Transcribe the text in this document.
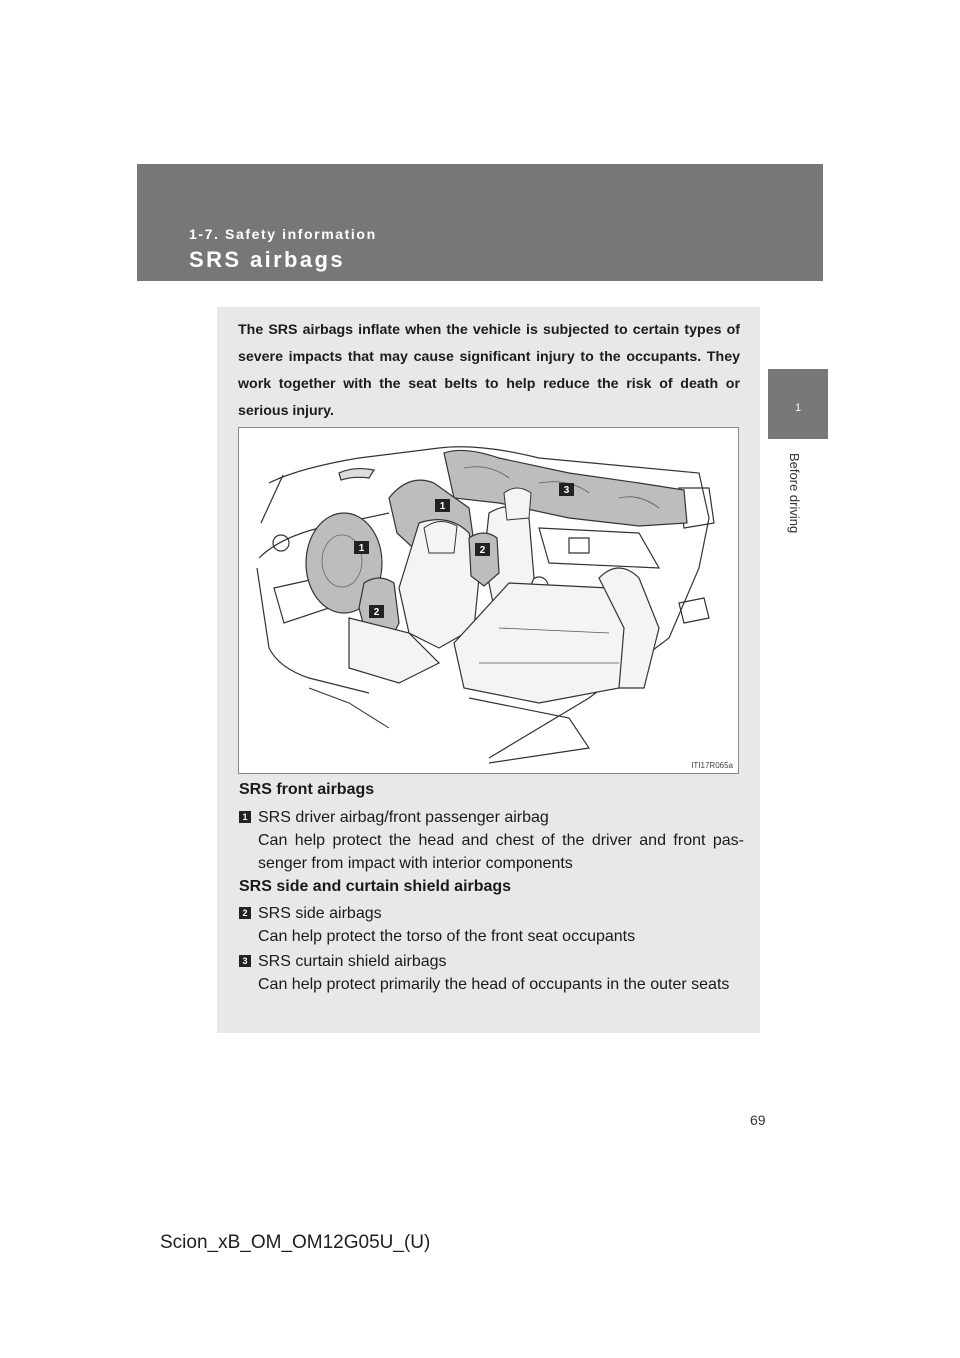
1-7. Safety information
SRS airbags
1
Before driving

The SRS airbags inflate when the vehicle is subjected to certain types of severe impacts that may cause significant injury to the occupants. They work together with the seat belts to help reduce the risk of death or serious injury.

1
1	2
2
3
ITI17R065a
SRS front airbags
1 SRS driver airbag/front passenger airbag
Can help protect the head and chest of the driver and front pas- senger from impact with interior components
SRS side and curtain shield airbags
2 SRS side airbags
Can help protect the torso of the front seat occupants
3 SRS curtain shield airbags
Can help protect primarily the head of occupants in the outer seats
69
Scion_xB_OM_OM12G05U_(U)
